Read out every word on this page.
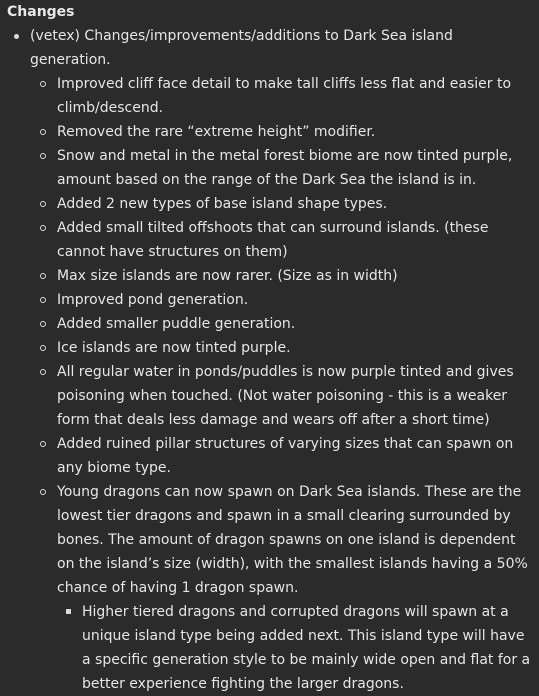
Changes
(vetex) Changes/improvements/additions to Dark Sea island generation.
Improved cliff face detail to make tall cliffs less flat and easier to climb/descend.
Removed the rare “extreme height” modifier.
Snow and metal in the metal forest biome are now tinted purple, amount based on the range of the Dark Sea the island is in.
Added 2 new types of base island shape types.
Added small tilted offshoots that can surround islands. (these cannot have structures on them)
Max size islands are now rarer. (Size as in width)
Improved pond generation.
Added smaller puddle generation.
Ice islands are now tinted purple.
All regular water in ponds/puddles is now purple tinted and gives poisoning when touched. (Not water poisoning - this is a weaker form that deals less damage and wears off after a short time)
Added ruined pillar structures of varying sizes that can spawn on any biome type.
Young dragons can now spawn on Dark Sea islands. These are the lowest tier dragons and spawn in a small clearing surrounded by bones. The amount of dragon spawns on one island is dependent on the island’s size (width), with the smallest islands having a 50% chance of having 1 dragon spawn.
Higher tiered dragons and corrupted dragons will spawn at a unique island type being added next. This island type will have a specific generation style to be mainly wide open and flat for a better experience fighting the larger dragons.
